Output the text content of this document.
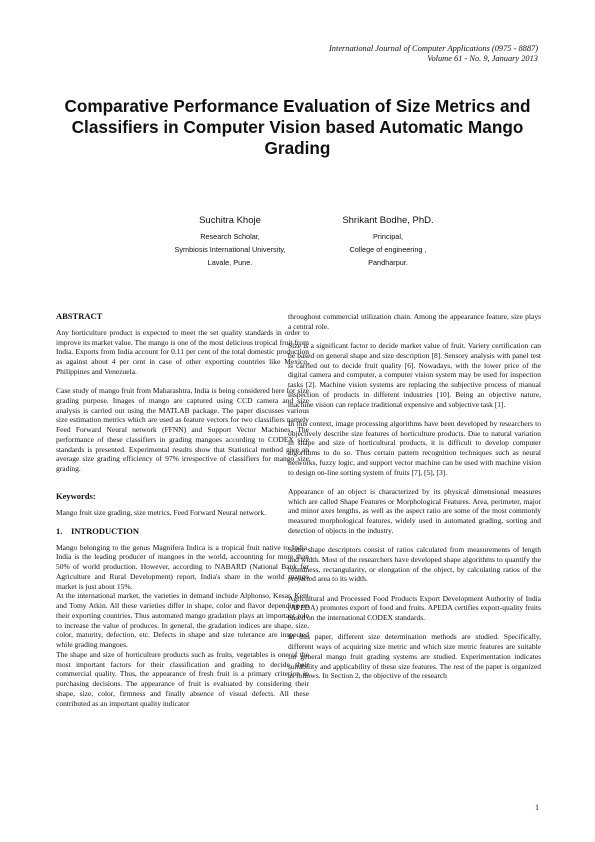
International Journal of Computer Applications (0975 - 8887)
Volume 61 - No. 9, January 2013
Comparative Performance Evaluation of Size Metrics and Classifiers in Computer Vision based Automatic Mango Grading
Suchitra Khoje
Research Scholar,
Symbiosis International University,
Lavale, Pune.
Shrikant Bodhe, PhD.
Principal,
College of engineering ,
Pandharpur.
ABSTRACT

Any horticulture product is expected to meet the set quality standards in order to improve its market value. The mango is one of the most delicious tropical fruit from India. Exports from India account for 0.11 per cent of the total domestic production as against about 4 per cent in case of other exporting countries like Mexico, Philippines and Venezuela.

Case study of mango fruit from Maharashtra, India is being considered here for size grading purpose. Images of mango are captured using CCD camera and size analysis is carried out using the MATLAB package. The paper discusses various size estimation metrics which are used as feature vectors for two classifiers namely Feed Forward Neural network (FFNN) and Support Vector Machines. The performance of these classifiers in grading mangoes according to CODEX size standards is presented. Experimental results show that Statistical method give an average size grading efficiency of 97% irrespective of classifiers for mango size grading.

Keywords:

Mango fruit size grading, size metrics, Feed Forward Neural network.

1. INTRODUCTION

Mango belonging to the genus Magnifera Indica is a tropical fruit native to India. India is the leading producer of mangoes in the world, accounting for more than 50% of world production. However, according to NABARD (National Bank for Agriculture and Rural Development) report, India's share in the world mango market is just about 15%.

At the international market, the varieties in demand include Alphonso, Kesar, Kent and Tomy Atkin. All these varieties differ in shape, color and flavor depending on their exporting countries. Thus automated mango gradation plays an important role to increase the value of produces. In general, the gradation indices are shape, size, color, maturity, defection, etc. Defects in shape and size tolerance are inspected while grading mangoes.

The shape and size of horticulture products such as fruits, vegetables is one of the most important factors for their classification and grading to decide their commercial quality. Thus, the appearance of fresh fruit is a primary criterion in purchasing decisions. The appearance of fruit is evaluated by considering their shape, size, color, firmness and finally absence of visual defects. All these contributed as an important quality indicator

throughout commercial utilization chain. Among the appearance feature, size plays a central role.

Size is a significant factor to decide market value of fruit. Variety certification can be based on general shape and size description [8]. Sensory analysis with panel test is carried out to decide fruit quality [6]. Nowadays, with the lower price of the digital camera and computer, a computer vision system may be used for inspection tasks [2]. Machine vision systems are replacing the subjective process of manual inspection of products in different industries [10]. Being an objective nature, machine vision can replace traditional expensive and subjective task [1].

In this context, image processing algorithms have been developed by researchers to objectively describe size features of horticulture products. Due to natural variation in shape and size of horticultural products, it is difficult to develop computer algorithms to do so. Thus certain pattern recognition techniques such as neural networks, fuzzy logic, and support vector machine can be used with machine vision to design on-line sorting system of fruits [7], [5], [3].

Appearance of an object is characterized by its physical dimensional measures which are called Shape Features or Morphological Features. Area, perimeter, major and minor axes lengths, as well as the aspect ratio are some of the most commonly measured morphological features, widely used in automated grading, sorting and detection of objects in the industry.

Some shape descriptors consist of ratios calculated from measurements of length and width. Most of the researchers have developed shape algorithms to quantify the roundness, rectangularity, or elongation of the object, by calculating ratios of the projected area to its width.

Agricultural and Processed Food Products Export Development Authority of India (APEDA) promotes export of food and fruits. APEDA certifies export-quality fruits based on the international CODEX standards.

In this paper, different size determination methods are studied. Specifically, different ways of acquiring size metric and which size metric features are suitable for general mango fruit grading systems are studied. Experimentation indicates suitability and applicability of these size features. The rest of the paper is organized as follows. In Section 2, the objective of the research

1
